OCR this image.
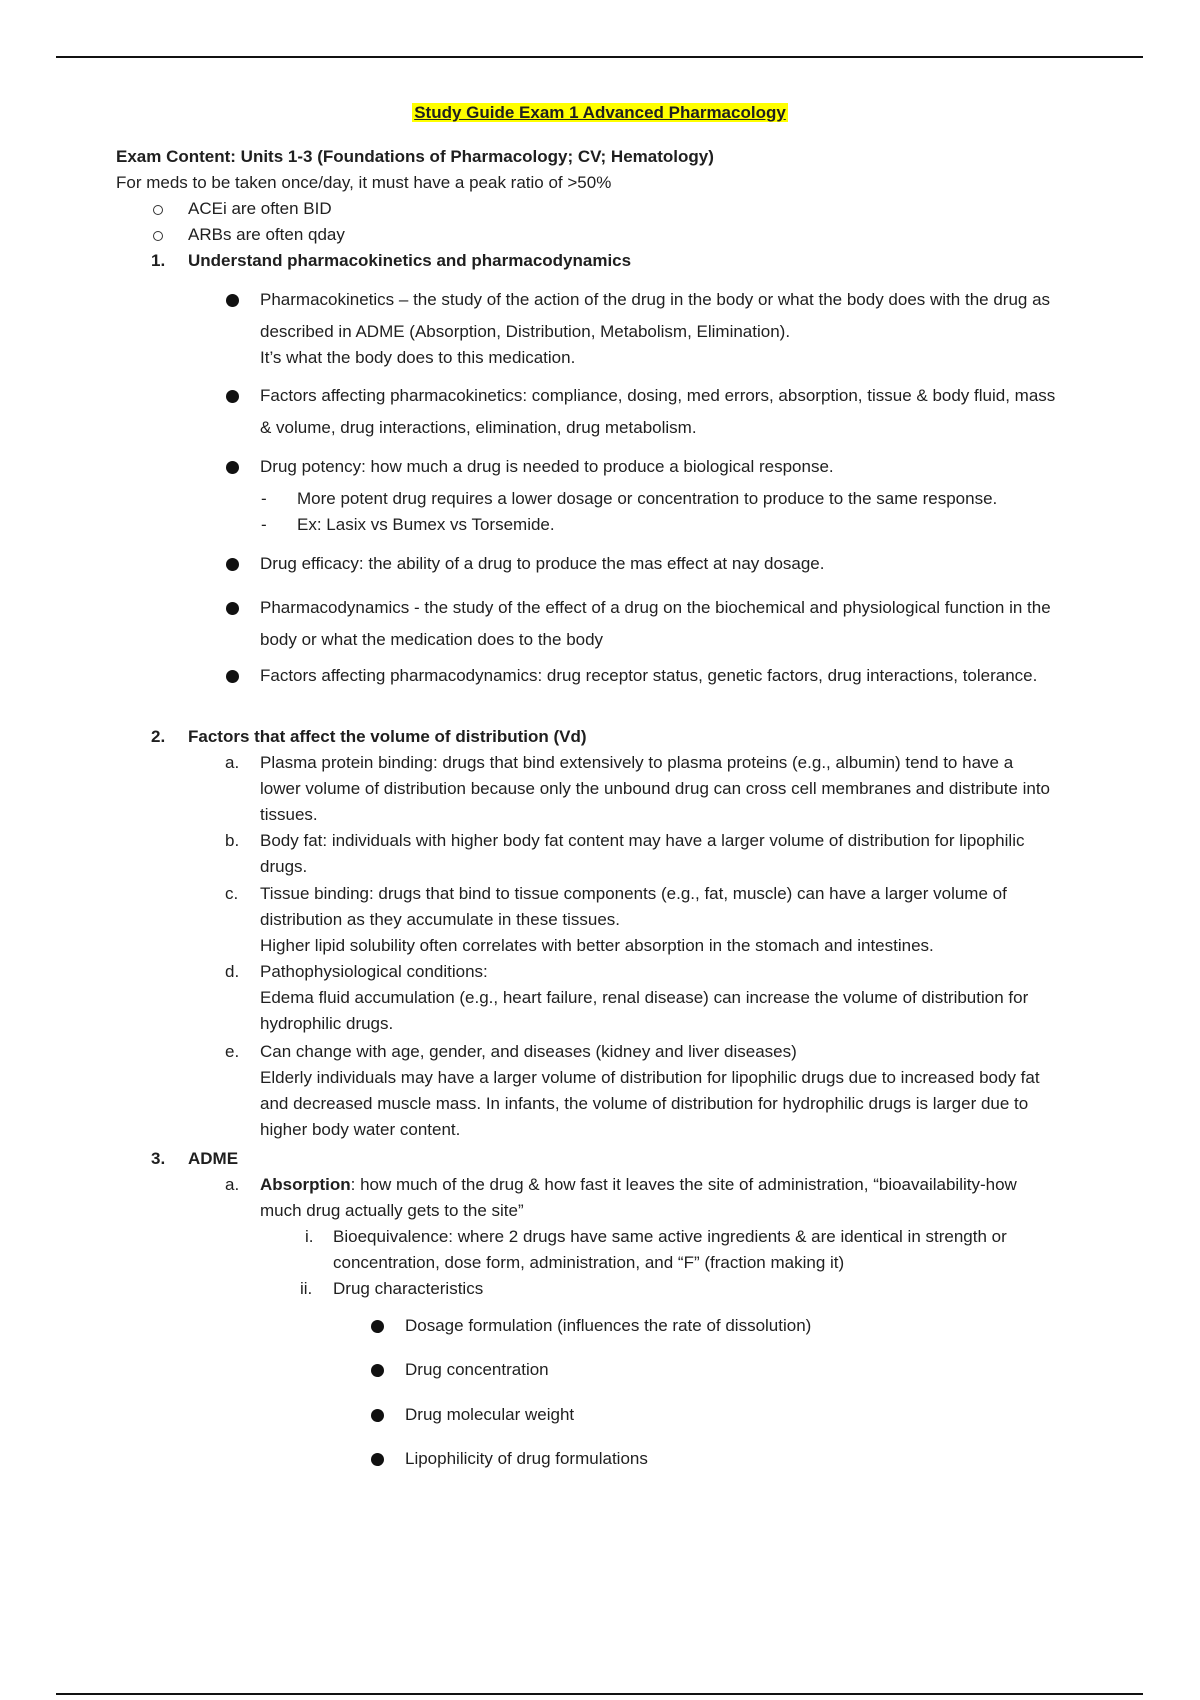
Study Guide Exam 1 Advanced Pharmacology
Exam Content: Units 1-3 (Foundations of Pharmacology; CV; Hematology)
For meds to be taken once/day, it must have a peak ratio of >50%
ACEi are often BID
ARBs are often qday
1. Understand pharmacokinetics and pharmacodynamics
Pharmacokinetics – the study of the action of the drug in the body or what the body does with the drug as
described in ADME (Absorption, Distribution, Metabolism, Elimination).
It’s what the body does to this medication.
Factors affecting pharmacokinetics: compliance, dosing, med errors, absorption, tissue & body fluid, mass
& volume, drug interactions, elimination, drug metabolism.
Drug potency: how much a drug is needed to produce a biological response.
- More potent drug requires a lower dosage or concentration to produce to the same response.
- Ex: Lasix vs Bumex vs Torsemide.
Drug efficacy: the ability of a drug to produce the mas effect at nay dosage.
Pharmacodynamics - the study of the effect of a drug on the biochemical and physiological function in the
body or what the medication does to the body
Factors affecting pharmacodynamics: drug receptor status, genetic factors, drug interactions, tolerance.
2. Factors that affect the volume of distribution (Vd)
a. Plasma protein binding: drugs that bind extensively to plasma proteins (e.g., albumin) tend to have a
lower volume of distribution because only the unbound drug can cross cell membranes and distribute into
tissues.
b. Body fat: individuals with higher body fat content may have a larger volume of distribution for lipophilic
drugs.
c. Tissue binding: drugs that bind to tissue components (e.g., fat, muscle) can have a larger volume of
distribution as they accumulate in these tissues.
Higher lipid solubility often correlates with better absorption in the stomach and intestines.
d. Pathophysiological conditions:
Edema fluid accumulation (e.g., heart failure, renal disease) can increase the volume of distribution for
hydrophilic drugs.
e. Can change with age, gender, and diseases (kidney and liver diseases)
Elderly individuals may have a larger volume of distribution for lipophilic drugs due to increased body fat
and decreased muscle mass. In infants, the volume of distribution for hydrophilic drugs is larger due to
higher body water content.
3. ADME
a. Absorption: how much of the drug & how fast it leaves the site of administration, “bioavailability-how
much drug actually gets to the site”
i. Bioequivalence: where 2 drugs have same active ingredients & are identical in strength or
concentration, dose form, administration, and “F” (fraction making it)
ii. Drug characteristics
Dosage formulation (influences the rate of dissolution)
Drug concentration
Drug molecular weight
Lipophilicity of drug formulations
